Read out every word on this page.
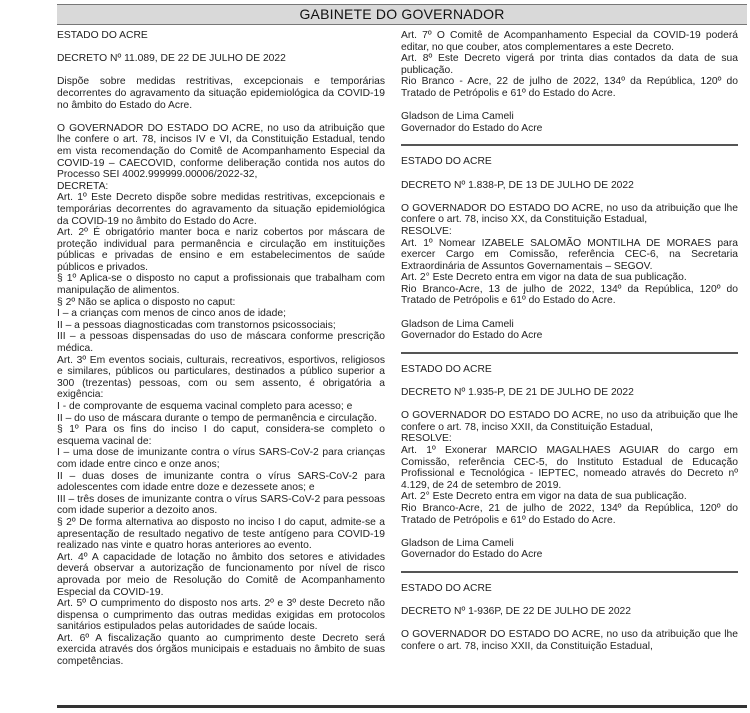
GABINETE DO GOVERNADOR

ESTADO DO ACRE

DECRETO Nº 11.089, DE 22 DE JULHO DE 2022

Dispõe sobre medidas restritivas, excepcionais e temporárias decorrentes do agravamento da situação epidemiológica da COVID-19 no âmbito do Estado do Acre.

O GOVERNADOR DO ESTADO DO ACRE, no uso da atribuição que lhe confere o art. 78, incisos IV e VI, da Constituição Estadual, tendo em vista recomendação do Comitê de Acompanhamento Especial da COVID-19 – CAECOVID, conforme deliberação contida nos autos do Processo SEI 4002.999999.00006/2022-32,

DECRETA:

Art. 1º Este Decreto dispõe sobre medidas restritivas, excepcionais e temporárias decorrentes do agravamento da situação epidemiológica da COVID-19 no âmbito do Estado do Acre.

Art. 2º É obrigatório manter boca e nariz cobertos por máscara de proteção individual para permanência e circulação em instituições públicas e privadas de ensino e em estabelecimentos de saúde públicos e privados.

§ 1º Aplica-se o disposto no caput a profissionais que trabalham com manipulação de alimentos.

§ 2º Não se aplica o disposto no caput:

I – a crianças com menos de cinco anos de idade;

II – a pessoas diagnosticadas com transtornos psicossociais;

III – a pessoas dispensadas do uso de máscara conforme prescrição médica.

Art. 3º Em eventos sociais, culturais, recreativos, esportivos, religiosos e similares, públicos ou particulares, destinados a público superior a 300 (trezentas) pessoas, com ou sem assento, é obrigatória a exigência:

I - de comprovante de esquema vacinal completo para acesso; e

II – do uso de máscara durante o tempo de permanência e circulação.

§ 1º Para os fins do inciso I do caput, considera-se completo o esquema vacinal de:

I – uma dose de imunizante contra o vírus SARS-CoV-2 para crianças com idade entre cinco e onze anos;

II – duas doses de imunizante contra o vírus SARS-CoV-2 para adolescentes com idade entre doze e dezessete anos; e

III – três doses de imunizante contra o vírus SARS-CoV-2 para pessoas com idade superior a dezoito anos.

§ 2º De forma alternativa ao disposto no inciso I do caput, admite-se a apresentação de resultado negativo de teste antígeno para COVID-19 realizado nas vinte e quatro horas anteriores ao evento.

Art. 4º A capacidade de lotação no âmbito dos setores e atividades deverá observar a autorização de funcionamento por nível de risco aprovada por meio de Resolução do Comitê de Acompanhamento Especial da COVID-19.

Art. 5º O cumprimento do disposto nos arts. 2º e 3º deste Decreto não dispensa o cumprimento das outras medidas exigidas em protocolos sanitários estipulados pelas autoridades de saúde locais.

Art. 6º A fiscalização quanto ao cumprimento deste Decreto será exercida através dos órgãos municipais e estaduais no âmbito de suas competências.

Art. 7º O Comitê de Acompanhamento Especial da COVID-19 poderá editar, no que couber, atos complementares a este Decreto.

Art. 8º Este Decreto vigerá por trinta dias contados da data de sua publicação.

Rio Branco - Acre, 22 de julho de 2022, 134º da República, 120º do Tratado de Petrópolis e 61º do Estado do Acre.

Gladson de Lima Cameli

Governador do Estado do Acre

ESTADO DO ACRE

DECRETO Nº 1.838-P, DE 13 DE JULHO DE 2022

O GOVERNADOR DO ESTADO DO ACRE, no uso da atribuição que lhe confere o art. 78, inciso XX, da Constituição Estadual,

RESOLVE:

Art. 1º Nomear IZABELE SALOMÃO MONTILHA DE MORAES para exercer Cargo em Comissão, referência CEC-6, na Secretaria Extraordinária de Assuntos Governamentais – SEGOV.

Art. 2° Este Decreto entra em vigor na data de sua publicação.

Rio Branco-Acre, 13 de julho de 2022, 134º da República, 120º do Tratado de Petrópolis e 61º do Estado do Acre.

Gladson de Lima Cameli

Governador do Estado do Acre

ESTADO DO ACRE

DECRETO Nº 1.935-P, DE 21 DE JULHO DE 2022

O GOVERNADOR DO ESTADO DO ACRE, no uso da atribuição que lhe confere o art. 78, inciso XXII, da Constituição Estadual,

RESOLVE:

Art. 1º Exonerar MARCIO MAGALHAES AGUIAR do cargo em Comissão, referência CEC-5, do Instituto Estadual de Educação Profissional e Tecnológica - IEPTEC, nomeado através do Decreto nº 4.129, de 24 de setembro de 2019.

Art. 2° Este Decreto entra em vigor na data de sua publicação.

Rio Branco-Acre, 21 de julho de 2022, 134º da República, 120º do Tratado de Petrópolis e 61º do Estado do Acre.

Gladson de Lima Cameli

Governador do Estado do Acre

ESTADO DO ACRE

DECRETO Nº 1-936P, DE 22 DE JULHO DE 2022

O GOVERNADOR DO ESTADO DO ACRE, no uso da atribuição que lhe confere o art. 78, inciso XXII, da Constituição Estadual,
